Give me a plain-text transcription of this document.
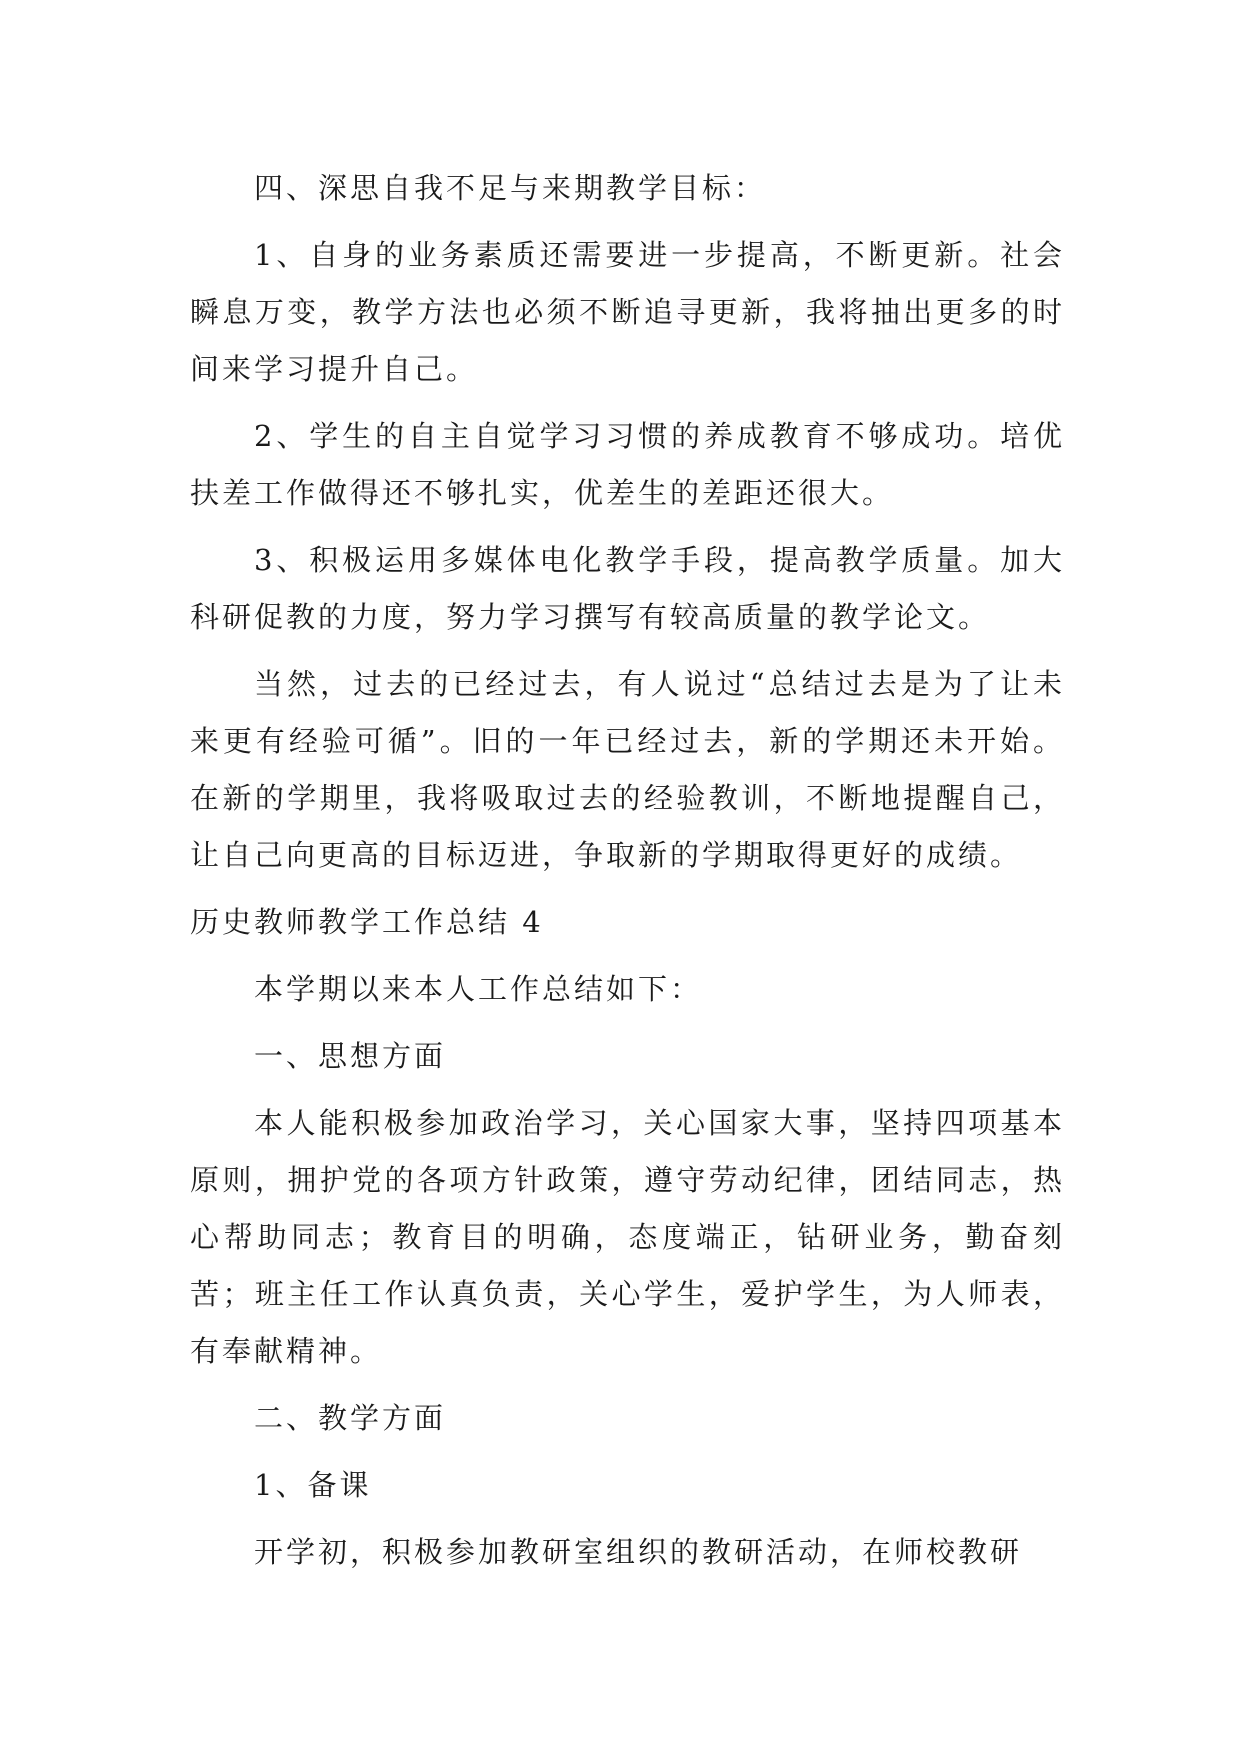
四、深思自我不足与来期教学目标：

1、自身的业务素质还需要进一步提高，不断更新。社会瞬息万变，教学方法也必须不断追寻更新，我将抽出更多的时间来学习提升自己。

2、学生的自主自觉学习习惯的养成教育不够成功。培优扶差工作做得还不够扎实，优差生的差距还很大。

3、积极运用多媒体电化教学手段，提高教学质量。加大科研促教的力度，努力学习撰写有较高质量的教学论文。

当然，过去的已经过去，有人说过“总结过去是为了让未来更有经验可循”。旧的一年已经过去，新的学期还未开始。在新的学期里，我将吸取过去的经验教训，不断地提醒自己，让自己向更高的目标迈进，争取新的学期取得更好的成绩。

历史教师教学工作总结 4

本学期以来本人工作总结如下：

一、思想方面

本人能积极参加政治学习，关心国家大事，坚持四项基本原则，拥护党的各项方针政策，遵守劳动纪律，团结同志，热心帮助同志；教育目的明确，态度端正，钻研业务，勤奋刻苦；班主任工作认真负责，关心学生，爱护学生，为人师表，有奉献精神。

二、教学方面

1、备课

开学初，积极参加教研室组织的教研活动，在师校教研
